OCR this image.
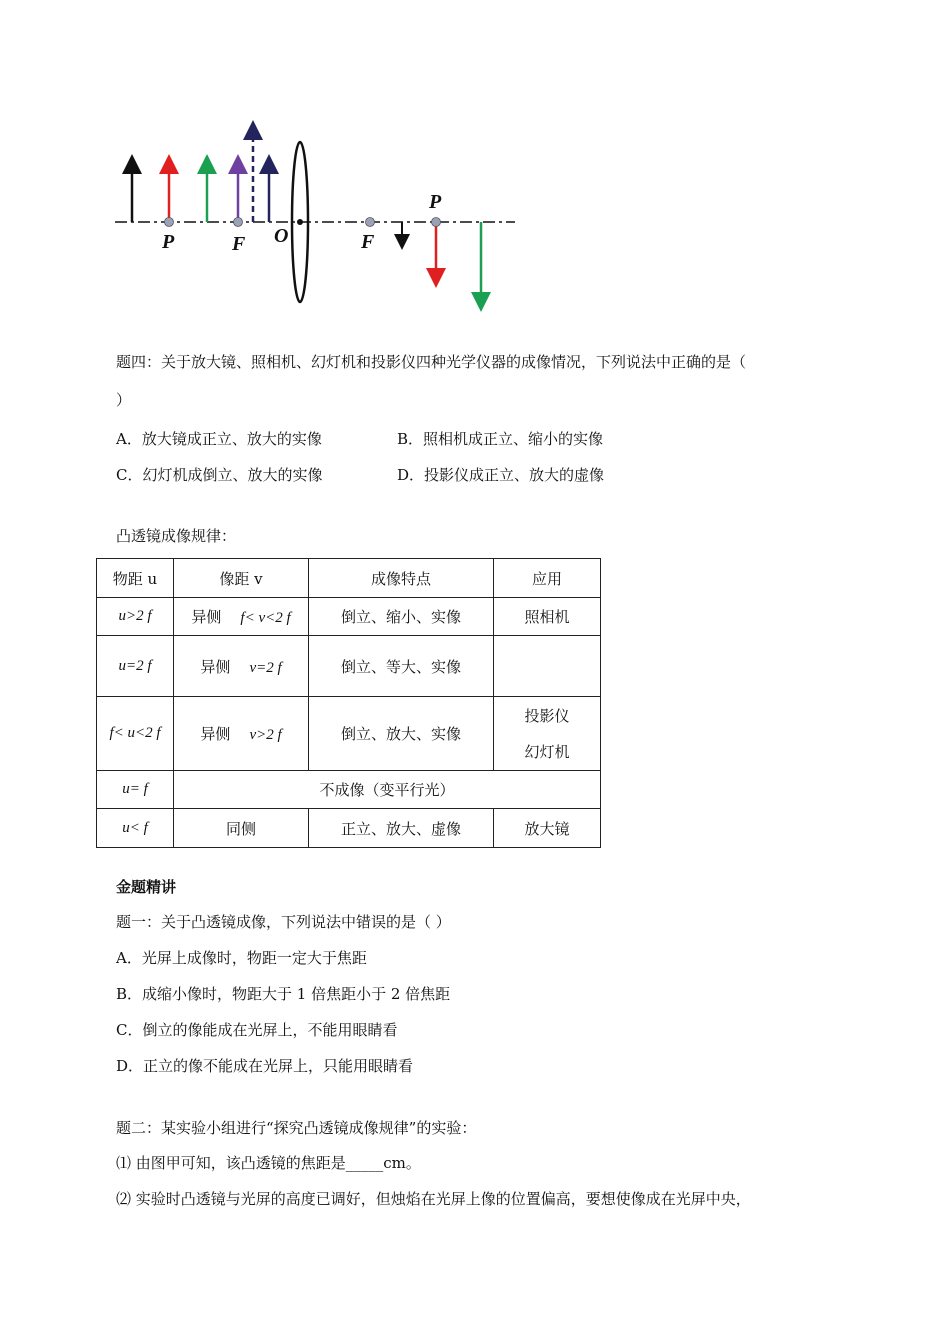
P	F O	F
P
题四：关于放大镜、照相机、幻灯机和投影仪四种光学仪器的成像情况，下列说法中正确的是（
）
A．放大镜成正立、放大的实像	B．照相机成正立、缩小的实像
C．幻灯机成倒立、放大的实像	D．投影仪成正立、放大的虚像
凸透镜成像规律：
物距 u	像距 v	成像特点	应用
u>2 f	异侧 f< v<2 f	倒立、缩小、实像	照相机
u=2 f	异侧 v=2 f	倒立、等大、实像	
f< u<2 f	异侧 v>2 f	倒立、放大、实像	投影仪
幻灯机
u= f	不成像（变平行光）		
u< f	同侧	正立、放大、虚像	放大镜
金题精讲
题一：关于凸透镜成像，下列说法中错误的是（ ）
A．光屏上成像时，物距一定大于焦距
B．成缩小像时，物距大于 1 倍焦距小于 2 倍焦距
C．倒立的像能成在光屏上，不能用眼睛看
D．正立的像不能成在光屏上，只能用眼睛看
题二：某实验小组进行“探究凸透镜成像规律”的实验：
⑴ 由图甲可知，该凸透镜的焦距是_____cm。
⑵ 实验时凸透镜与光屏的高度已调好，但烛焰在光屏上像的位置偏高，要想使像成在光屏中央，
